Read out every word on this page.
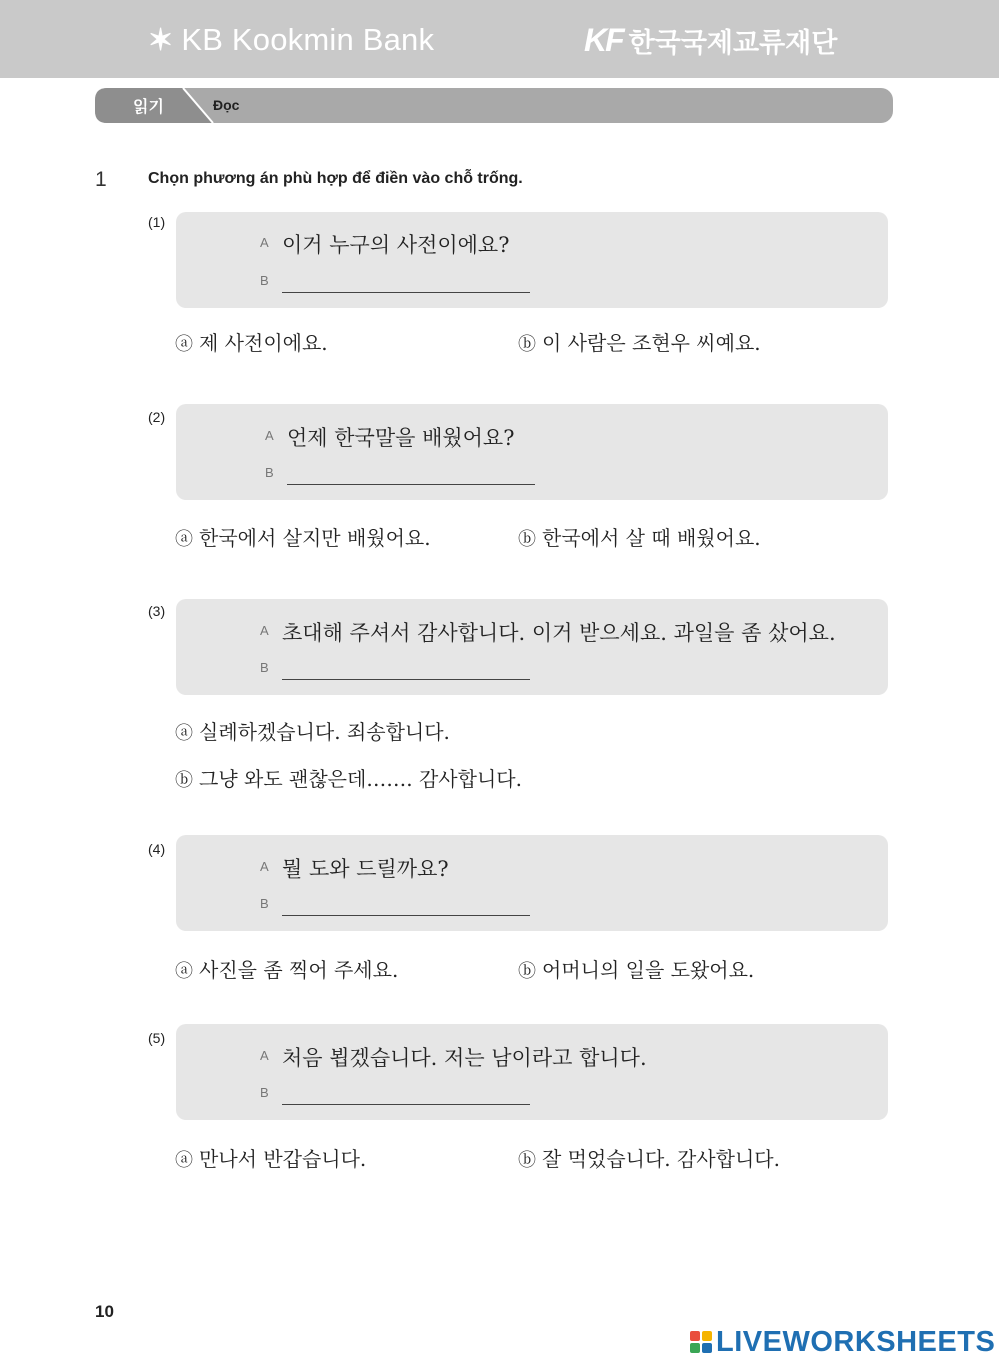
✶ KB Kookmin Bank	KF 한국국제교류재단
읽기	Đọc
1	Chọn phương án phù hợp để điền vào chỗ trống.
(1)
A 이거 누구의 사전이에요?
B
ⓐ 제 사전이에요.	ⓑ 이 사람은 조현우 씨예요.
(2)
A 언제 한국말을 배웠어요?
B
ⓐ 한국에서 살지만 배웠어요.	ⓑ 한국에서 살 때 배웠어요.
(3)
A 초대해 주셔서 감사합니다. 이거 받으세요. 과일을 좀 샀어요.
B
ⓐ 실례하겠습니다. 죄송합니다.
ⓑ 그냥 와도 괜찮은데……. 감사합니다.
(4)
A 뭘 도와 드릴까요?
B
ⓐ 사진을 좀 찍어 주세요.	ⓑ 어머니의 일을 도왔어요.
(5)
A 처음 뵙겠습니다. 저는 남이라고 합니다.
B
ⓐ 만나서 반갑습니다.	ⓑ 잘 먹었습니다. 감사합니다.
10
LIVEWORKSHEETS
